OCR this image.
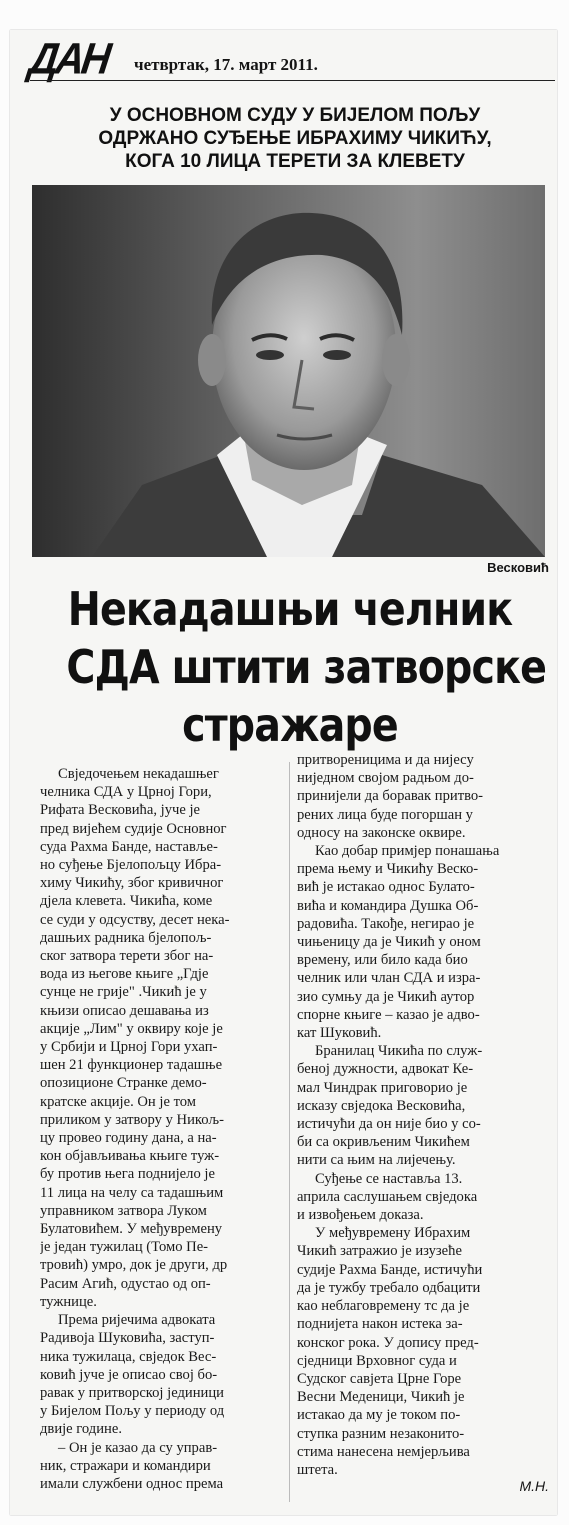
ДАН	четвртак, 17. март 2011.
У ОСНОВНОМ СУДУ У БИЈЕЛОМ ПОЉУ
ОДРЖАНО СУЂЕЊЕ ИБРАХИМУ ЧИКИЋУ,
КОГА 10 ЛИЦА ТЕРЕТИ ЗА КЛЕВЕТУ
Весковић
Некадашњи челник
СДА штити затворске
стражаре
Свједочењем некадашњег
челника СДА у Црној Гори,
Рифата Весковића, јуче је
пред вијећем судије Основног
суда Рахма Банде, настављe-
но суђење Бјелопољцу Ибра-
химу Чикићу, због кривичног
дјела клевета. Чикића, коме
се суди у одсуству, десет нека-
дашњих радника бјелопољ-
ског затвора терети због на-
вода из његове књиге „Гдје
сунце не грије" .Чикић је у
књизи описао дешавања из
акције „Лим" у оквиру које је
у Србији и Црној Гори ухап-
шен 21 функционер тадашње
опозиционе Странке демо-
кратске акције. Он је том
приликом у затвору у Никољ-
цу провео годину дана, а на-
кон објављивања књиге туж-
бу против њега поднијело је
11 лица на челу са тадашњим
управником затвора Луком
Булатовићем. У међувремену
је један тужилац (Томо Пе-
тровић) умро, док је други, др
Расим Агић, одустао од оп-
тужнице.
Према ријечима адвоката
Радивоја Шуковића, заступ-
ника тужилаца, свједок Вес-
ковић јуче је описао свој бо-
равак у притворској јединици
у Бијелом Пољу у периоду од
двије године.
– Он је казао да су управ-
ник, стражари и командири
имали службени однос према
притвореницима и да нијесу
ниједном својом радњом до-
принијели да боравак притво-
рених лица буде погоршан у
односу на законске оквире.
Као добар примјер понашања
према њему и Чикићу Вecко-
вић је истакао однос Булато-
вића и командира Душка Об-
радовића. Такође, негирао је
чињеницу да је Чикић у оном
времену, или било када био
челник или члан СДА и изра-
зио сумњу да је Чикић аутор
спорне књиге – казао је адво-
кат Шуковић.
Бранилац Чикића по служ-
беној дужности, адвокат Ке-
мал Чиндрак приговорио је
исказу свједока Весковића,
истичући да он није био у со-
би са окривљеним Чикићем
нити са њим на лијечењу.
Суђење се наставља 13.
априла саслушањем свједока
и извођењем доказа.
У међувремену Ибрахим
Чикић затражио је изузеће
судије Рахма Банде, истичући
да је тужбу требало одбацити
као неблаговремену тс да је
поднијета након истека за-
конског рока. У допису пред-
сједници Врховног суда и
Судског савјета Црне Горе
Весни Меденици, Чикић је
истакао да му је током по-
ступка разним незаконито-
стима нанесена немјерљива
штета.
М.Н.
